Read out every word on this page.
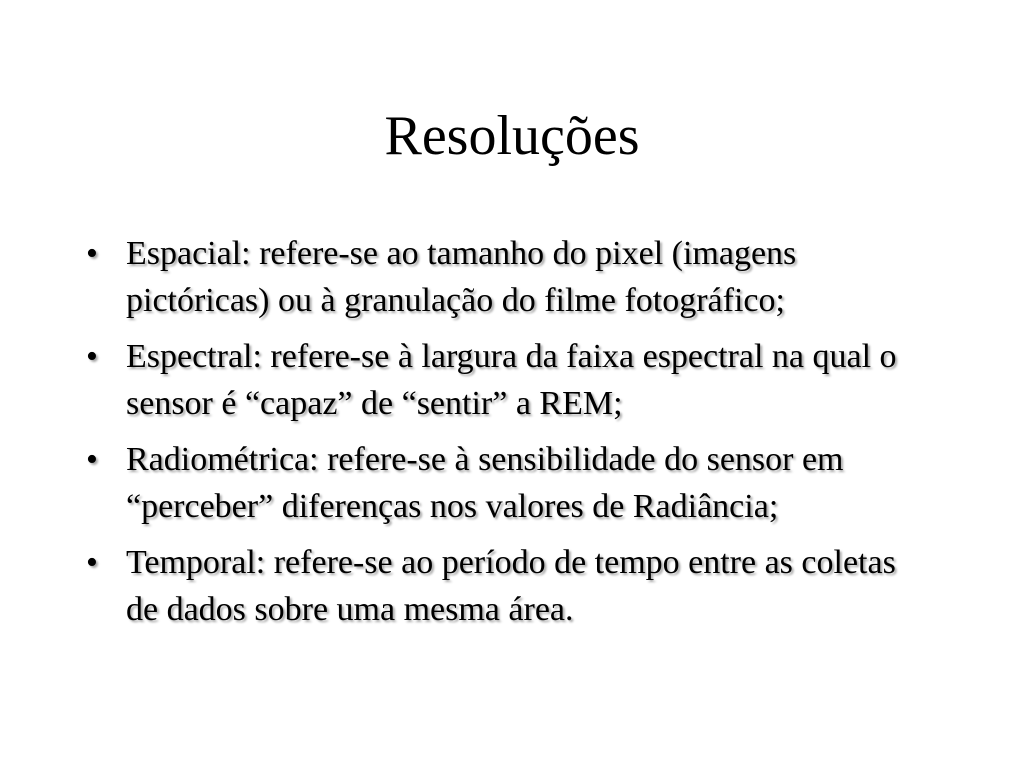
Resoluções
• Espacial: refere-se ao tamanho do pixel (imagens pictóricas) ou à granulação do filme fotográfico;
• Espectral: refere-se à largura da faixa espectral na qual o sensor é “capaz” de “sentir” a REM;
• Radiométrica: refere-se à sensibilidade do sensor em “perceber” diferenças nos valores de Radiância;
• Temporal: refere-se ao período de tempo entre as coletas de dados sobre uma mesma área.
